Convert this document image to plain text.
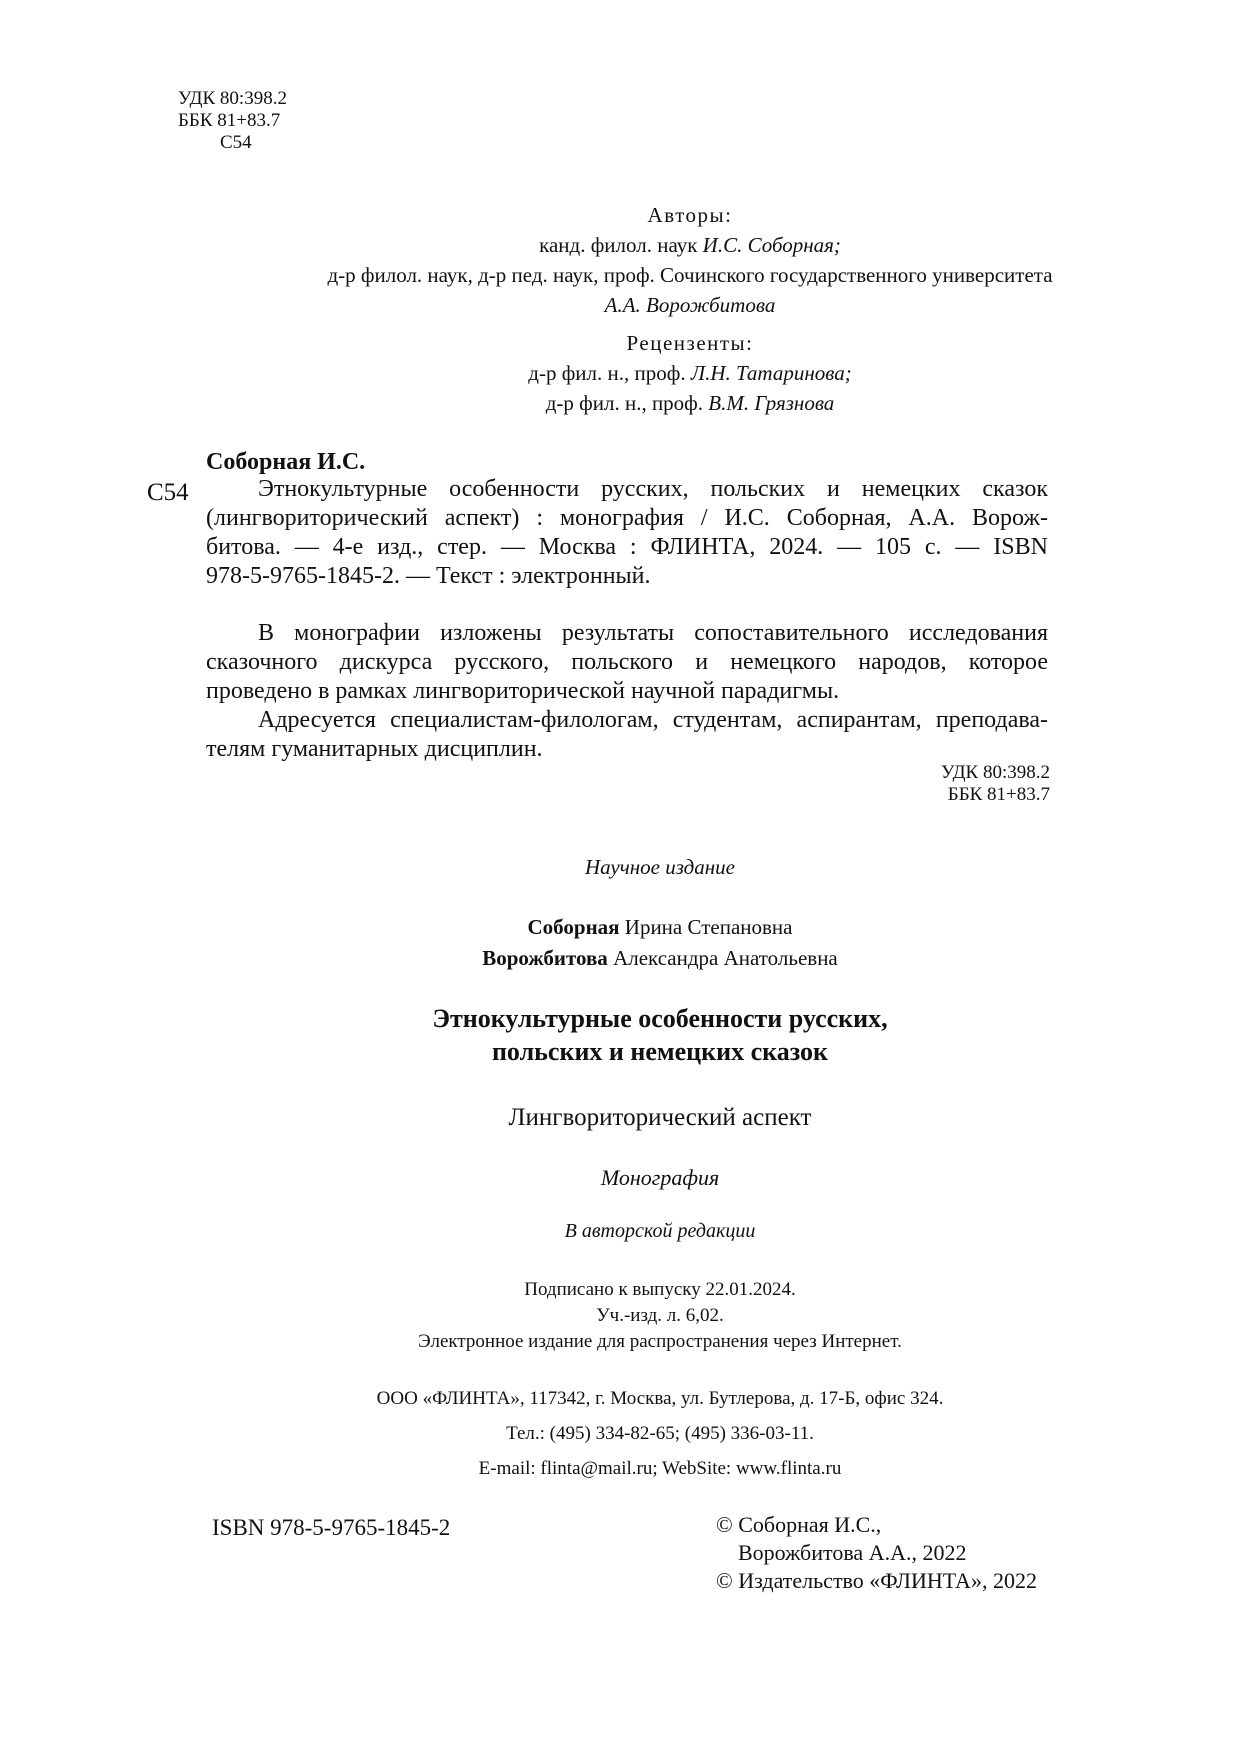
УДК 80:398.2
ББК 81+83.7
С54
Авторы:
канд. филол. наук И.С. Соборная;
д-р филол. наук, д-р пед. наук, проф. Сочинского государственного университета
А.А. Ворожбитова
Рецензенты:
д-р фил. н., проф. Л.Н. Татаринова;
д-р фил. н., проф. В.М. Грязнова
Соборная И.С.
С54	Этнокультурные особенности русских, польских и немецких сказок
(лингвориторический аспект) : монография / И.С. Соборная, А.А. Ворож-
битова. — 4-е изд., стер. — Москва : ФЛИНТА, 2024. — 105 с. — ISBN
978-5-9765-1845-2. — Текст : электронный.
В монографии изложены результаты сопоставительного исследования
сказочного дискурса русского, польского и немецкого народов, которое
проведено в рамках лингвориторической научной парадигмы.
Адресуется специалистам-филологам, студентам, аспирантам, преподава-
телям гуманитарных дисциплин.
УДК 80:398.2
ББК 81+83.7
Научное издание
Соборная Ирина Степановна
Ворожбитова Александра Анатольевна
Этнокультурные особенности русских,
польских и немецких сказок
Лингвориторический аспект
Монография
В авторской редакции
Подписано к выпуску 22.01.2024.
Уч.-изд. л. 6,02.
Электронное издание для распространения через Интернет.
ООО «ФЛИНТА», 117342, г. Москва, ул. Бутлерова, д. 17-Б, офис 324.
Тел.: (495) 334-82-65; (495) 336-03-11.
E-mail: flinta@mail.ru; WebSite: www.flinta.ru
ISBN 978-5-9765-1845-2	© Соборная И.С.,
Ворожбитова А.А., 2022
© Издательство «ФЛИНТА», 2022
